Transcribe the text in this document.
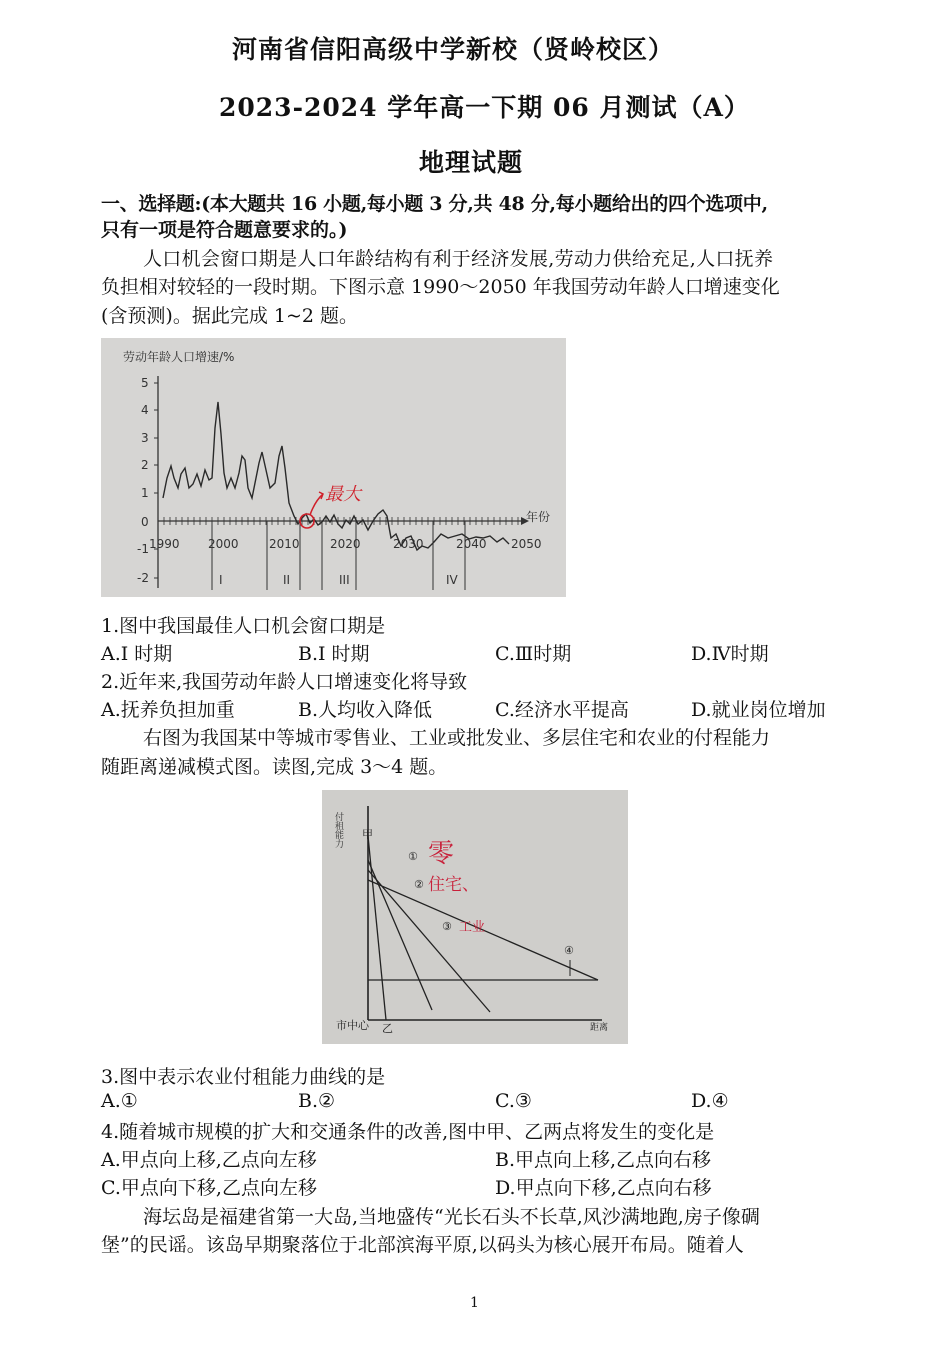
河南省信阳高级中学新校（贤岭校区）
2023-2024 学年高一下期 06 月测试（A）
地理试题
一、选择题:(本大题共 16 小题,每小题 3 分,共 48 分,每小题给出的四个选项中,
只有一项是符合题意要求的。)
人口机会窗口期是人口年龄结构有利于经济发展,劳动力供给充足,人口抚养
负担相对较轻的一段时期。下图示意 1990～2050 年我国劳动年龄人口增速变化
(含预测)。据此完成 1~2 题。
劳动年龄人口增速/%
5
4
3
2
1
0
-1
-2
年份
1990 2000	2010	2020	2030	2040 2050
I	II	III	IV
最大
1.图中我国最佳人口机会窗口期是
A.I 时期	B.I 时期	C.Ⅲ时期	D.Ⅳ时期
2.近年来,我国劳动年龄人口增速变化将导致
A.抚养负担加重	B.人均收入降低	C.经济水平提高	D.就业岗位增加
右图为我国某中等城市零售业、工业或批发业、多层住宅和农业的付程能力
随距离递减模式图。读图,完成 3～4 题。
付租能力 甲
市中心 乙	距离
①
②
③
④
零
住宅、
工业
3.图中表示农业付租能力曲线的是
A.①	B.②	C.③	D.④
4.随着城市规模的扩大和交通条件的改善,图中甲、乙两点将发生的变化是
A.甲点向上移,乙点向左移	B.甲点向上移,乙点向右移
C.甲点向下移,乙点向左移	D.甲点向下移,乙点向右移
海坛岛是福建省第一大岛,当地盛传“光长石头不长草,风沙满地跑,房子像碉
堡”的民谣。该岛早期聚落位于北部滨海平原,以码头为核心展开布局。随着人
1
